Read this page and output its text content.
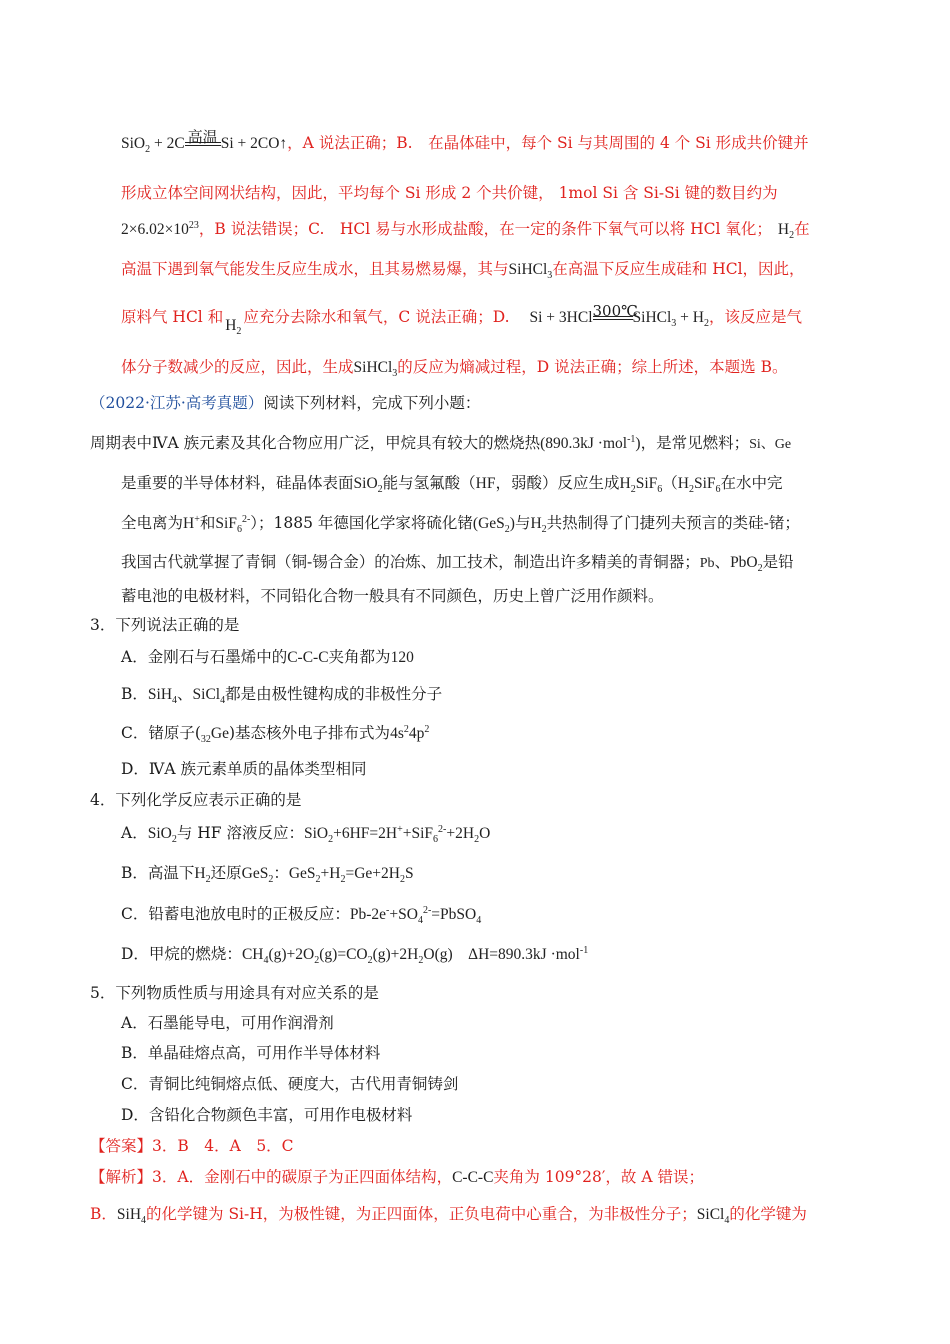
SiO$_2$ + 2C 高温 Si + 2CO↑，A 说法正确；B.　在晶体硅中，每个 Si 与其周围的 4 个 Si 形成共价键并
形成立体空间网状结构，因此，平均每个 Si 形成 2 个共价键， 1mol Si 含 Si-Si 键的数目约为
$2\times 6.02\times 10^{23}$，B 说法错误；C.　HCl 易与水形成盐酸，在一定的条件下氧气可以将 HCl 氧化； $H_2$在
高温下遇到氧气能发生反应生成水，且其易燃易爆，其与SiHCl$_3$在高温下反应生成硅和 HCl，因此，
原料气 HCl 和 $H_2$应充分去除水和氧气，C 说法正确；D. Si + 3HCl 300℃
SiHCl$_3$ + $H_2$，该反应是气
体分子数减少的反应，因此，生成SiHCl$_3$的反应为熵减过程，D 说法正确；综上所述，本题选 B。
（2022·江苏·高考真题）阅读下列材料，完成下列小题：
周期表中ⅣA 族元素及其化合物应用广泛，甲烷具有较大的燃烧热(890.3kJ ·mol$^{-1}$)，是常见燃料；Si、Ge
是重要的半导体材料，硅晶体表面SiO$_2$能与氢氟酸（HF，弱酸）反应生成$H_2SiF_6(H_2SiF_6$在水中完
全电离为H+和SiF$_6^{2-}$）；1885 年德国化学家将硫化锗(GeS$_2$)与$H_2$共热制得了门捷列夫预言的类硅-锗；
我国古代就掌握了青铜（铜-锡合金）的冶炼、加工技术，制造出许多精美的青铜器；Pb、PbO$_2$是铅
蓄电池的电极材料，不同铅化合物一般具有不同颜色，历史上曾广泛用作颜料。
3．下列说法正确的是
A．金刚石与石墨烯中的C-C-C夹角都为120
B．SiH$_4$、SiCl$_4$都是由极性键构成的非极性分子
C．锗原子$(_{32}Ge)$基态核外电子排布式为$4s^24p^2$
D．ⅣA 族元素单质的晶体类型相同
4．下列化学反应表示正确的是
A．SiO$_2$与 HF 溶液反应：$SiO_2+6HF=2H^++SiF_6^{2-}+2H_2O$
B．高温下$H_2$还原GeS$_2$：$GeS_2+H_2=Ge+2H_2S$
C．铅蓄电池放电时的正极反应：$Pb-2e^-+SO_4^{2-}=PbSO_4$
D．甲烷的燃烧：$CH_4(g)+2O_2(g)=CO_2(g)+2H_2O(g)$　ΔH=890.3kJ ·mol$^{-1}$
5．下列物质性质与用途具有对应关系的是
A．石墨能导电，可用作润滑剂
B．单晶硅熔点高，可用作半导体材料
C．青铜比纯铜熔点低、硬度大，古代用青铜铸剑
D．含铅化合物颜色丰富，可用作电极材料
【答案】3．B　4．A　5．C
【解析】3．A．金刚石中的碳原子为正四面体结构，C-C-C夹角为 109°28′，故 A 错误；
B．SiH$_4$的化学键为 Si-H，为极性键，为正四面体，正负电荷中心重合，为非极性分子；SiCl$_4$的化学键为
